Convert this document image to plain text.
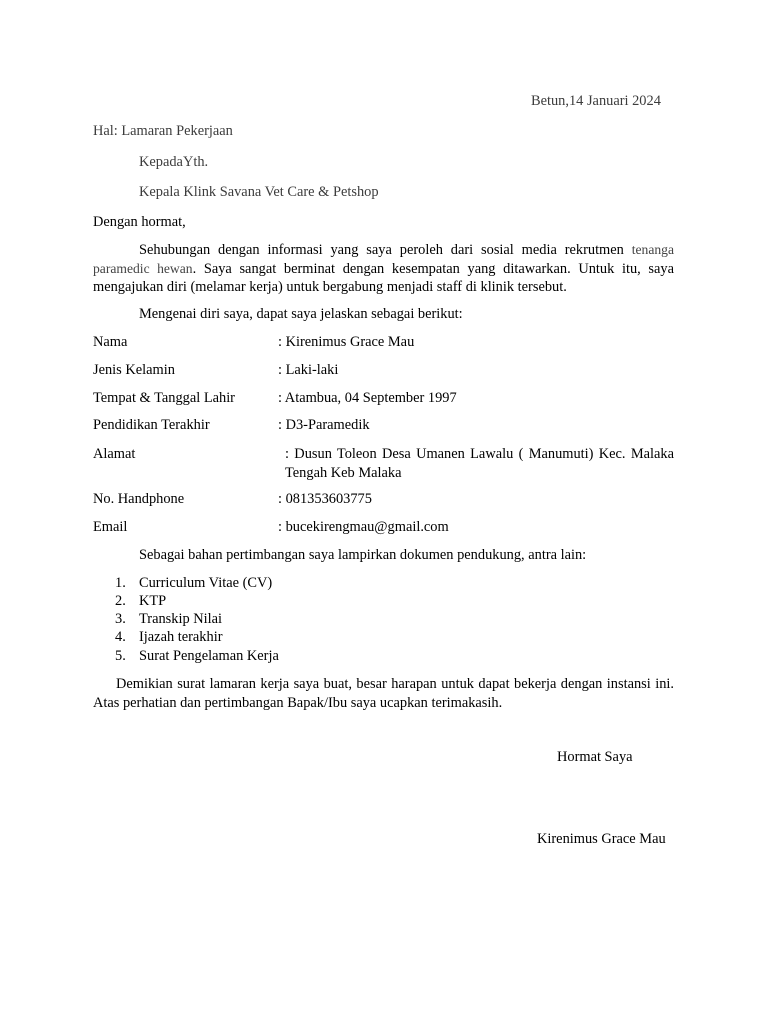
Betun,14 Januari 2024
Hal: Lamaran Pekerjaan
KepadaYth.
Kepala Klink Savana Vet Care & Petshop
Dengan hormat,
Sehubungan dengan informasi yang saya peroleh dari sosial media rekrutmen tenanga paramedic hewan. Saya sangat berminat dengan kesempatan yang ditawarkan. Untuk itu, saya mengajukan diri (melamar kerja) untuk bergabung menjadi staff di klinik tersebut.
Mengenai diri saya, dapat saya jelaskan sebagai berikut:
Nama	: Kirenimus Grace Mau
Jenis Kelamin	: Laki-laki
Tempat & Tanggal Lahir	: Atambua, 04 September 1997
Pendidikan Terakhir	: D3-Paramedik
Alamat	: Dusun Toleon Desa Umanen Lawalu ( Manumuti) Kec. Malaka Tengah Keb Malaka
No. Handphone	: 081353603775
Email	: bucekirengmau@gmail.com
Sebagai bahan pertimbangan saya lampirkan dokumen pendukung, antra lain:
1. Curriculum Vitae (CV)
2. KTP
3. Transkip Nilai
4. Ijazah terakhir
5. Surat Pengelaman Kerja
Demikian surat lamaran kerja saya buat, besar harapan untuk dapat bekerja dengan instansi ini. Atas perhatian dan pertimbangan Bapak/Ibu saya ucapkan terimakasih.
Hormat Saya
Kirenimus Grace Mau
